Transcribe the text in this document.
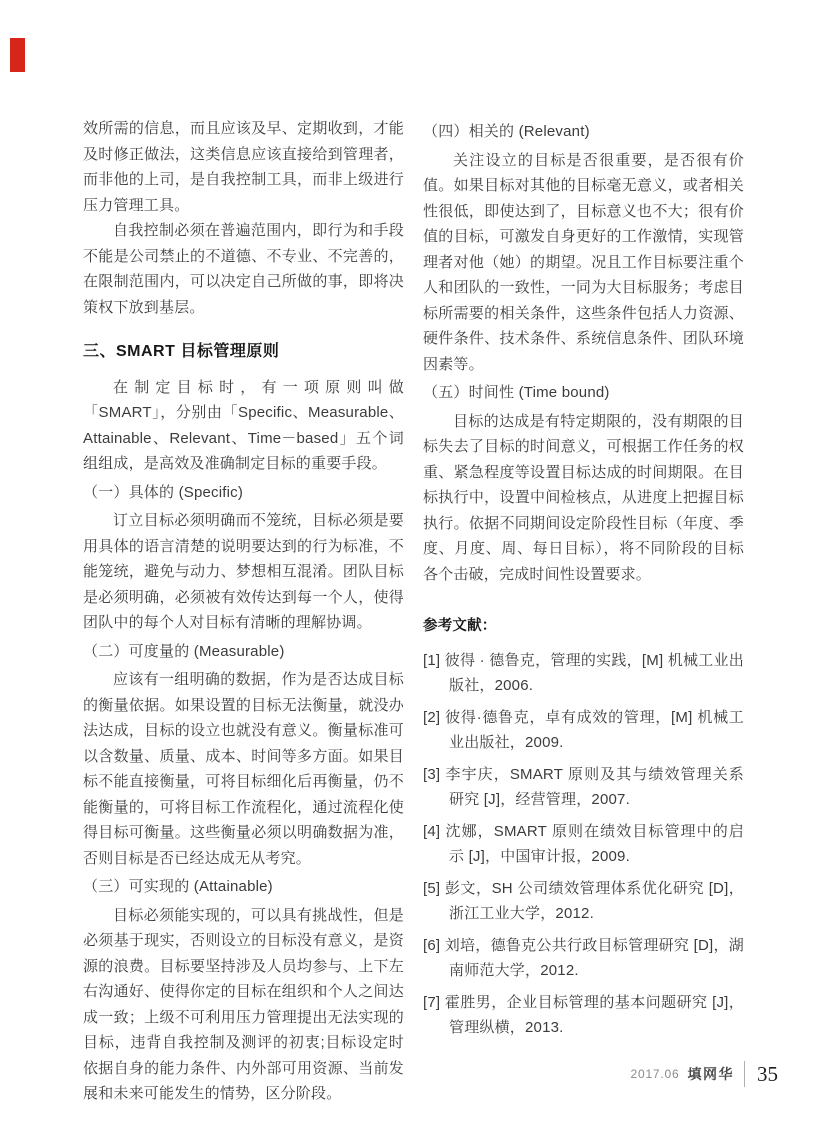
效所需的信息，而且应该及早、定期收到，才能及时修正做法，这类信息应该直接给到管理者，而非他的上司，是自我控制工具，而非上级进行压力管理工具。

自我控制必须在普遍范围内，即行为和手段不能是公司禁止的不道德、不专业、不完善的，在限制范围内，可以决定自己所做的事，即将决策权下放到基层。

三、SMART 目标管理原则

在制定目标时，有一项原则叫做「SMART」，分别由「Specific、Measurable、Attainable、Relevant、Time－based」五个词组组成，是高效及准确制定目标的重要手段。

（一）具体的 (Specific)

订立目标必须明确而不笼统，目标必须是要用具体的语言清楚的说明要达到的行为标准，不能笼统，避免与动力、梦想相互混淆。团队目标是必须明确，必须被有效传达到每一个人，使得团队中的每个人对目标有清晰的理解协调。

（二）可度量的 (Measurable)

应该有一组明确的数据，作为是否达成目标的衡量依据。如果设置的目标无法衡量，就没办法达成，目标的设立也就没有意义。衡量标准可以含数量、质量、成本、时间等多方面。如果目标不能直接衡量，可将目标细化后再衡量，仍不能衡量的，可将目标工作流程化，通过流程化使得目标可衡量。这些衡量必须以明确数据为准，否则目标是否已经达成无从考究。

（三）可实现的 (Attainable)

目标必须能实现的，可以具有挑战性，但是必须基于现实，否则设立的目标没有意义，是资源的浪费。目标要坚持涉及人员均参与、上下左右沟通好、使得你定的目标在组织和个人之间达成一致；上级不可利用压力管理提出无法实现的目标，违背自我控制及测评的初衷;目标设定时依据自身的能力条件、内外部可用资源、当前发展和未来可能发生的情势，区分阶段。

（四）相关的 (Relevant)

关注设立的目标是否很重要，是否很有价值。如果目标对其他的目标毫无意义，或者相关性很低，即使达到了，目标意义也不大；很有价值的目标，可激发自身更好的工作激情，实现管理者对他（她）的期望。况且工作目标要注重个人和团队的一致性，一同为大目标服务；考虑目标所需要的相关条件，这些条件包括人力资源、硬件条件、技术条件、系统信息条件、团队环境因素等。

（五）时间性 (Time bound)

目标的达成是有特定期限的，没有期限的目标失去了目标的时间意义，可根据工作任务的权重、紧急程度等设置目标达成的时间期限。在目标执行中，设置中间检核点，从进度上把握目标执行。依据不同期间设定阶段性目标（年度、季度、月度、周、每日目标），将不同阶段的目标各个击破，完成时间性设置要求。

参考文献：
[1] 彼得 · 德鲁克，管理的实践，[M] 机械工业出版社，2006.
[2] 彼得·德鲁克，卓有成效的管理，[M] 机械工业出版社，2009.
[3] 李宇庆，SMART 原则及其与绩效管理关系研究 [J]，经营管理，2007.
[4] 沈娜，SMART 原则在绩效目标管理中的启示 [J]，中国审计报，2009.
[5] 彭文，SH 公司绩效管理体系优化研究 [D]，浙江工业大学，2012.
[6] 刘培，德鲁克公共行政目标管理研究 [D]，湖南师范大学，2012.
[7] 霍胜男，企业目标管理的基本问题研究 [J]，管理纵横，2013.
2017.06 填网华 35
